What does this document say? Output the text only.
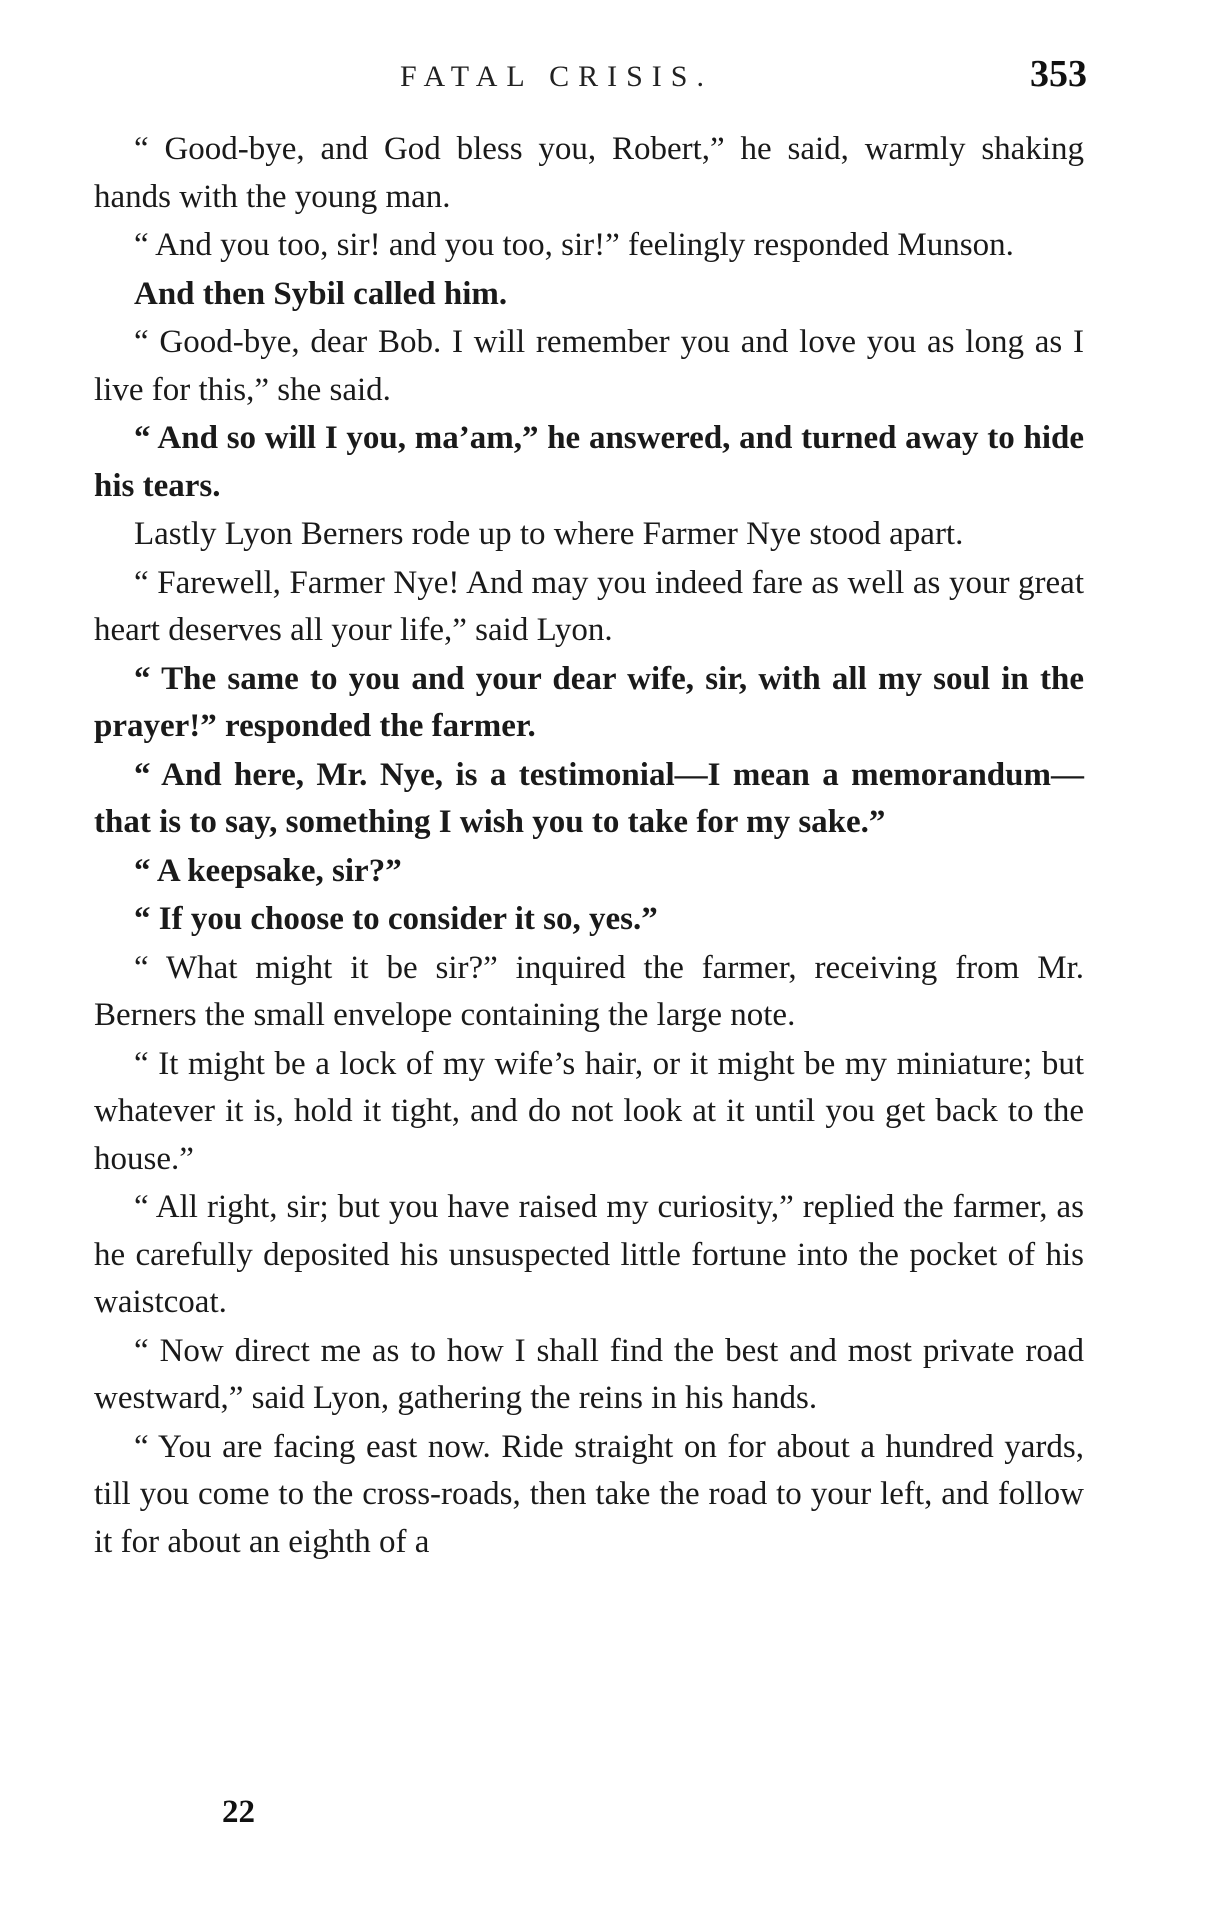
FATAL CRISIS.	353

“ Good-bye, and God bless you, Robert,” he said, warmly shaking hands with the young man.

“ And you too, sir! and you too, sir!” feelingly responded Munson.

And then Sybil called him.

“ Good-bye, dear Bob. I will remember you and love you as long as I live for this,” she said.

“ And so will I you, ma’am,” he answered, and turned away to hide his tears.

Lastly Lyon Berners rode up to where Farmer Nye stood apart.

“ Farewell, Farmer Nye! And may you indeed fare as well as your great heart deserves all your life,” said Lyon.

“ The same to you and your dear wife, sir, with all my soul in the prayer!” responded the farmer.

“ And here, Mr. Nye, is a testimonial—I mean a memorandum—that is to say, something I wish you to take for my sake.”

“ A keepsake, sir?”

“ If you choose to consider it so, yes.”

“ What might it be sir?” inquired the farmer, receiving from Mr. Berners the small envelope containing the large note.

“ It might be a lock of my wife’s hair, or it might be my miniature; but whatever it is, hold it tight, and do not look at it until you get back to the house.”

“ All right, sir; but you have raised my curiosity,” replied the farmer, as he carefully deposited his unsuspected little fortune into the pocket of his waistcoat.

“ Now direct me as to how I shall find the best and most private road westward,” said Lyon, gathering the reins in his hands.

“ You are facing east now. Ride straight on for about a hundred yards, till you come to the cross-roads, then take the road to your left, and follow it for about an eighth of a

22
